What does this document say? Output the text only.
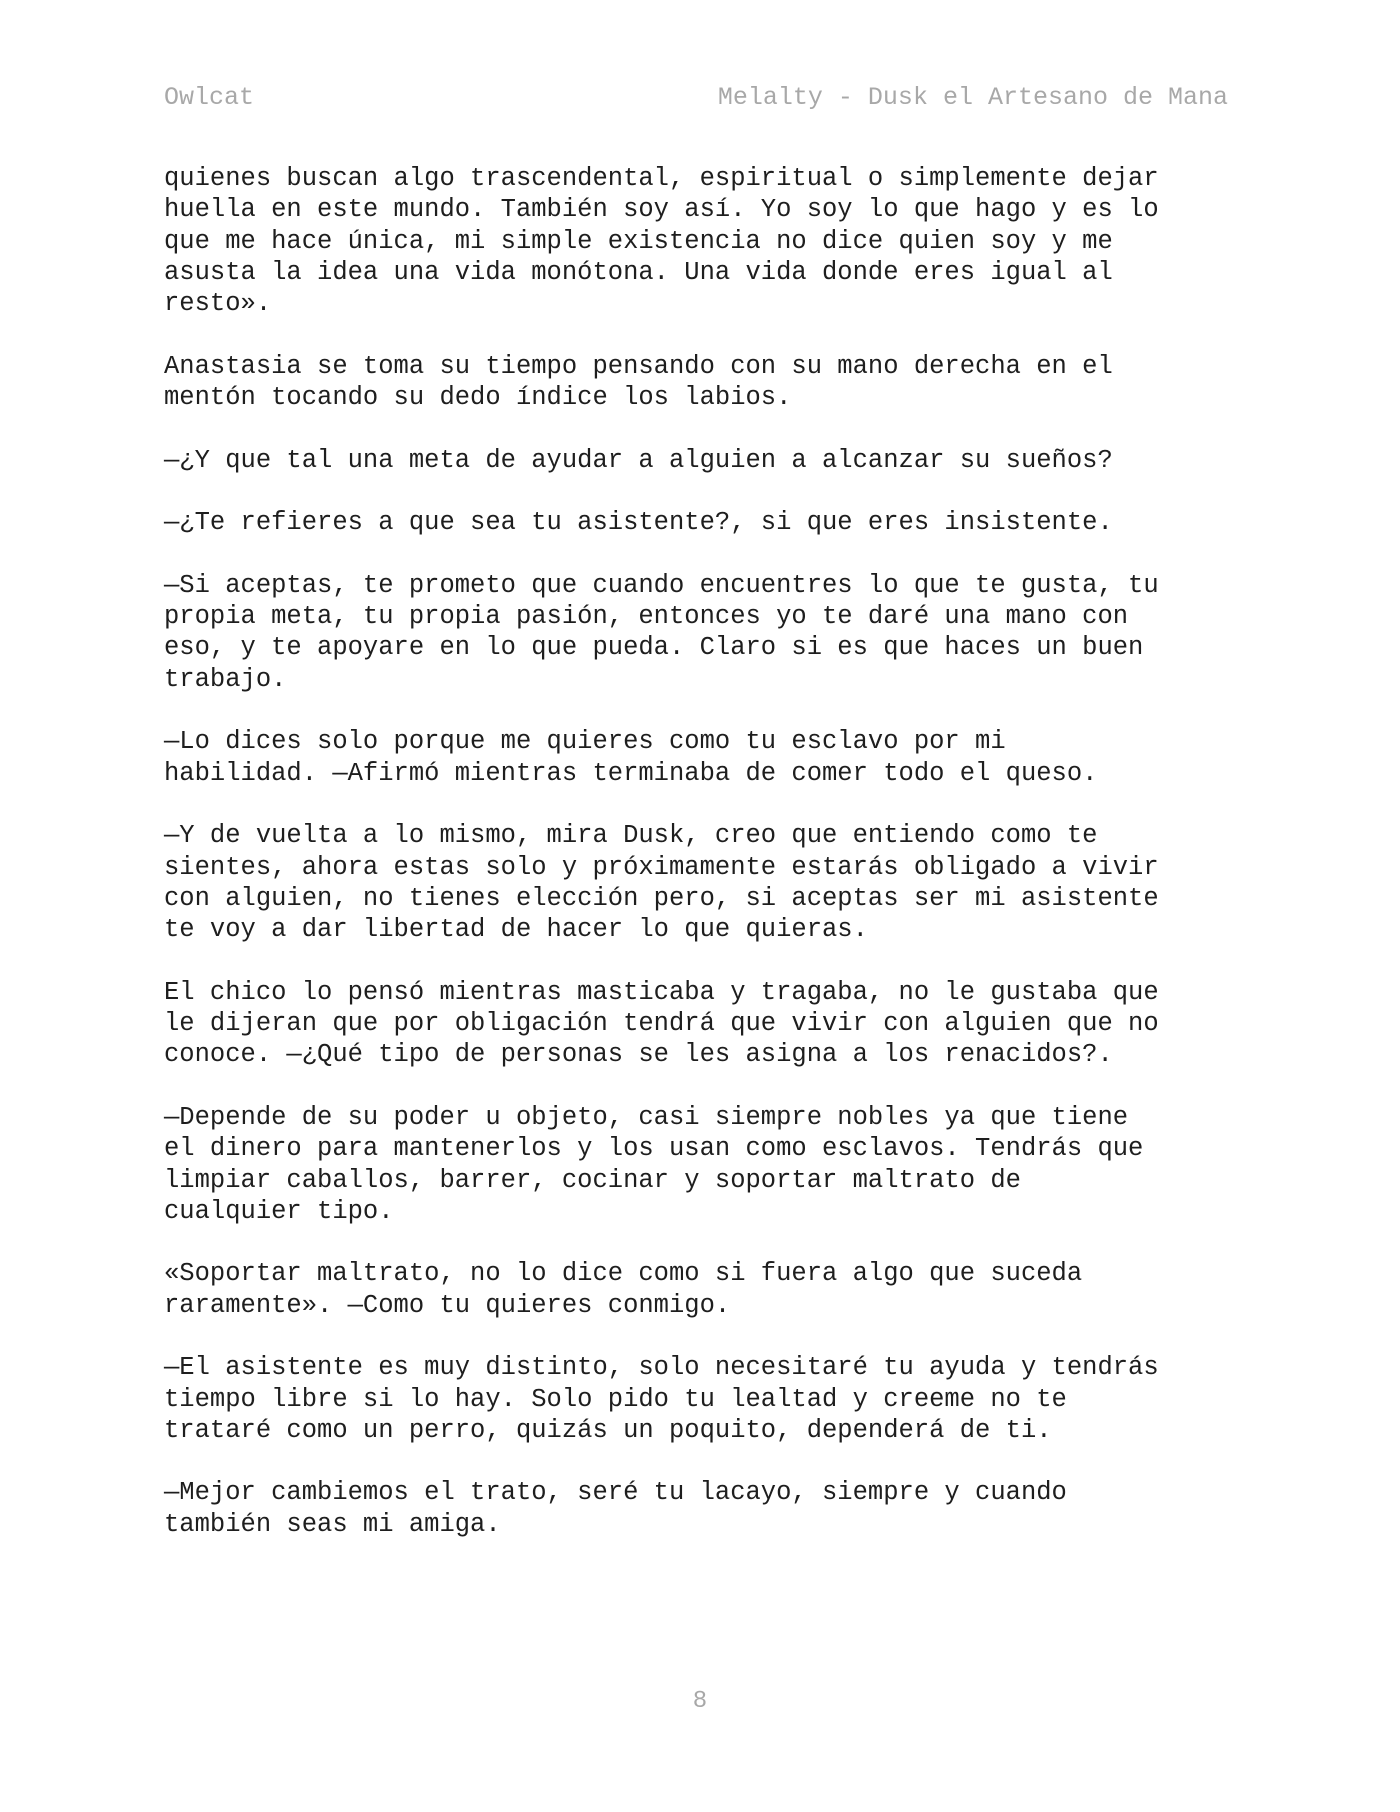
Owlcat	Melalty - Dusk el Artesano de Mana

quienes buscan algo trascendental, espiritual o simplemente dejar
huella en este mundo. También soy así. Yo soy lo que hago y es lo
que me hace única, mi simple existencia no dice quien soy y me
asusta la idea una vida monótona. Una vida donde eres igual al
resto».

Anastasia se toma su tiempo pensando con su mano derecha en el
mentón tocando su dedo índice los labios.

—¿Y que tal una meta de ayudar a alguien a alcanzar su sueños?

—¿Te refieres a que sea tu asistente?, si que eres insistente.

—Si aceptas, te prometo que cuando encuentres lo que te gusta, tu
propia meta, tu propia pasión, entonces yo te daré una mano con
eso, y te apoyare en lo que pueda. Claro si es que haces un buen
trabajo.

—Lo dices solo porque me quieres como tu esclavo por mi
habilidad. —Afirmó mientras terminaba de comer todo el queso.

—Y de vuelta a lo mismo, mira Dusk, creo que entiendo como te
sientes, ahora estas solo y próximamente estarás obligado a vivir
con alguien, no tienes elección pero, si aceptas ser mi asistente
te voy a dar libertad de hacer lo que quieras.

El chico lo pensó mientras masticaba y tragaba, no le gustaba que
le dijeran que por obligación tendrá que vivir con alguien que no
conoce. —¿Qué tipo de personas se les asigna a los renacidos?.

—Depende de su poder u objeto, casi siempre nobles ya que tiene
el dinero para mantenerlos y los usan como esclavos. Tendrás que
limpiar caballos, barrer, cocinar y soportar maltrato de
cualquier tipo.

«Soportar maltrato, no lo dice como si fuera algo que suceda
raramente». —Como tu quieres conmigo.

—El asistente es muy distinto, solo necesitaré tu ayuda y tendrás
tiempo libre si lo hay. Solo pido tu lealtad y creeme no te
trataré como un perro, quizás un poquito, dependerá de ti.

—Mejor cambiemos el trato, seré tu lacayo, siempre y cuando
también seas mi amiga.

8
